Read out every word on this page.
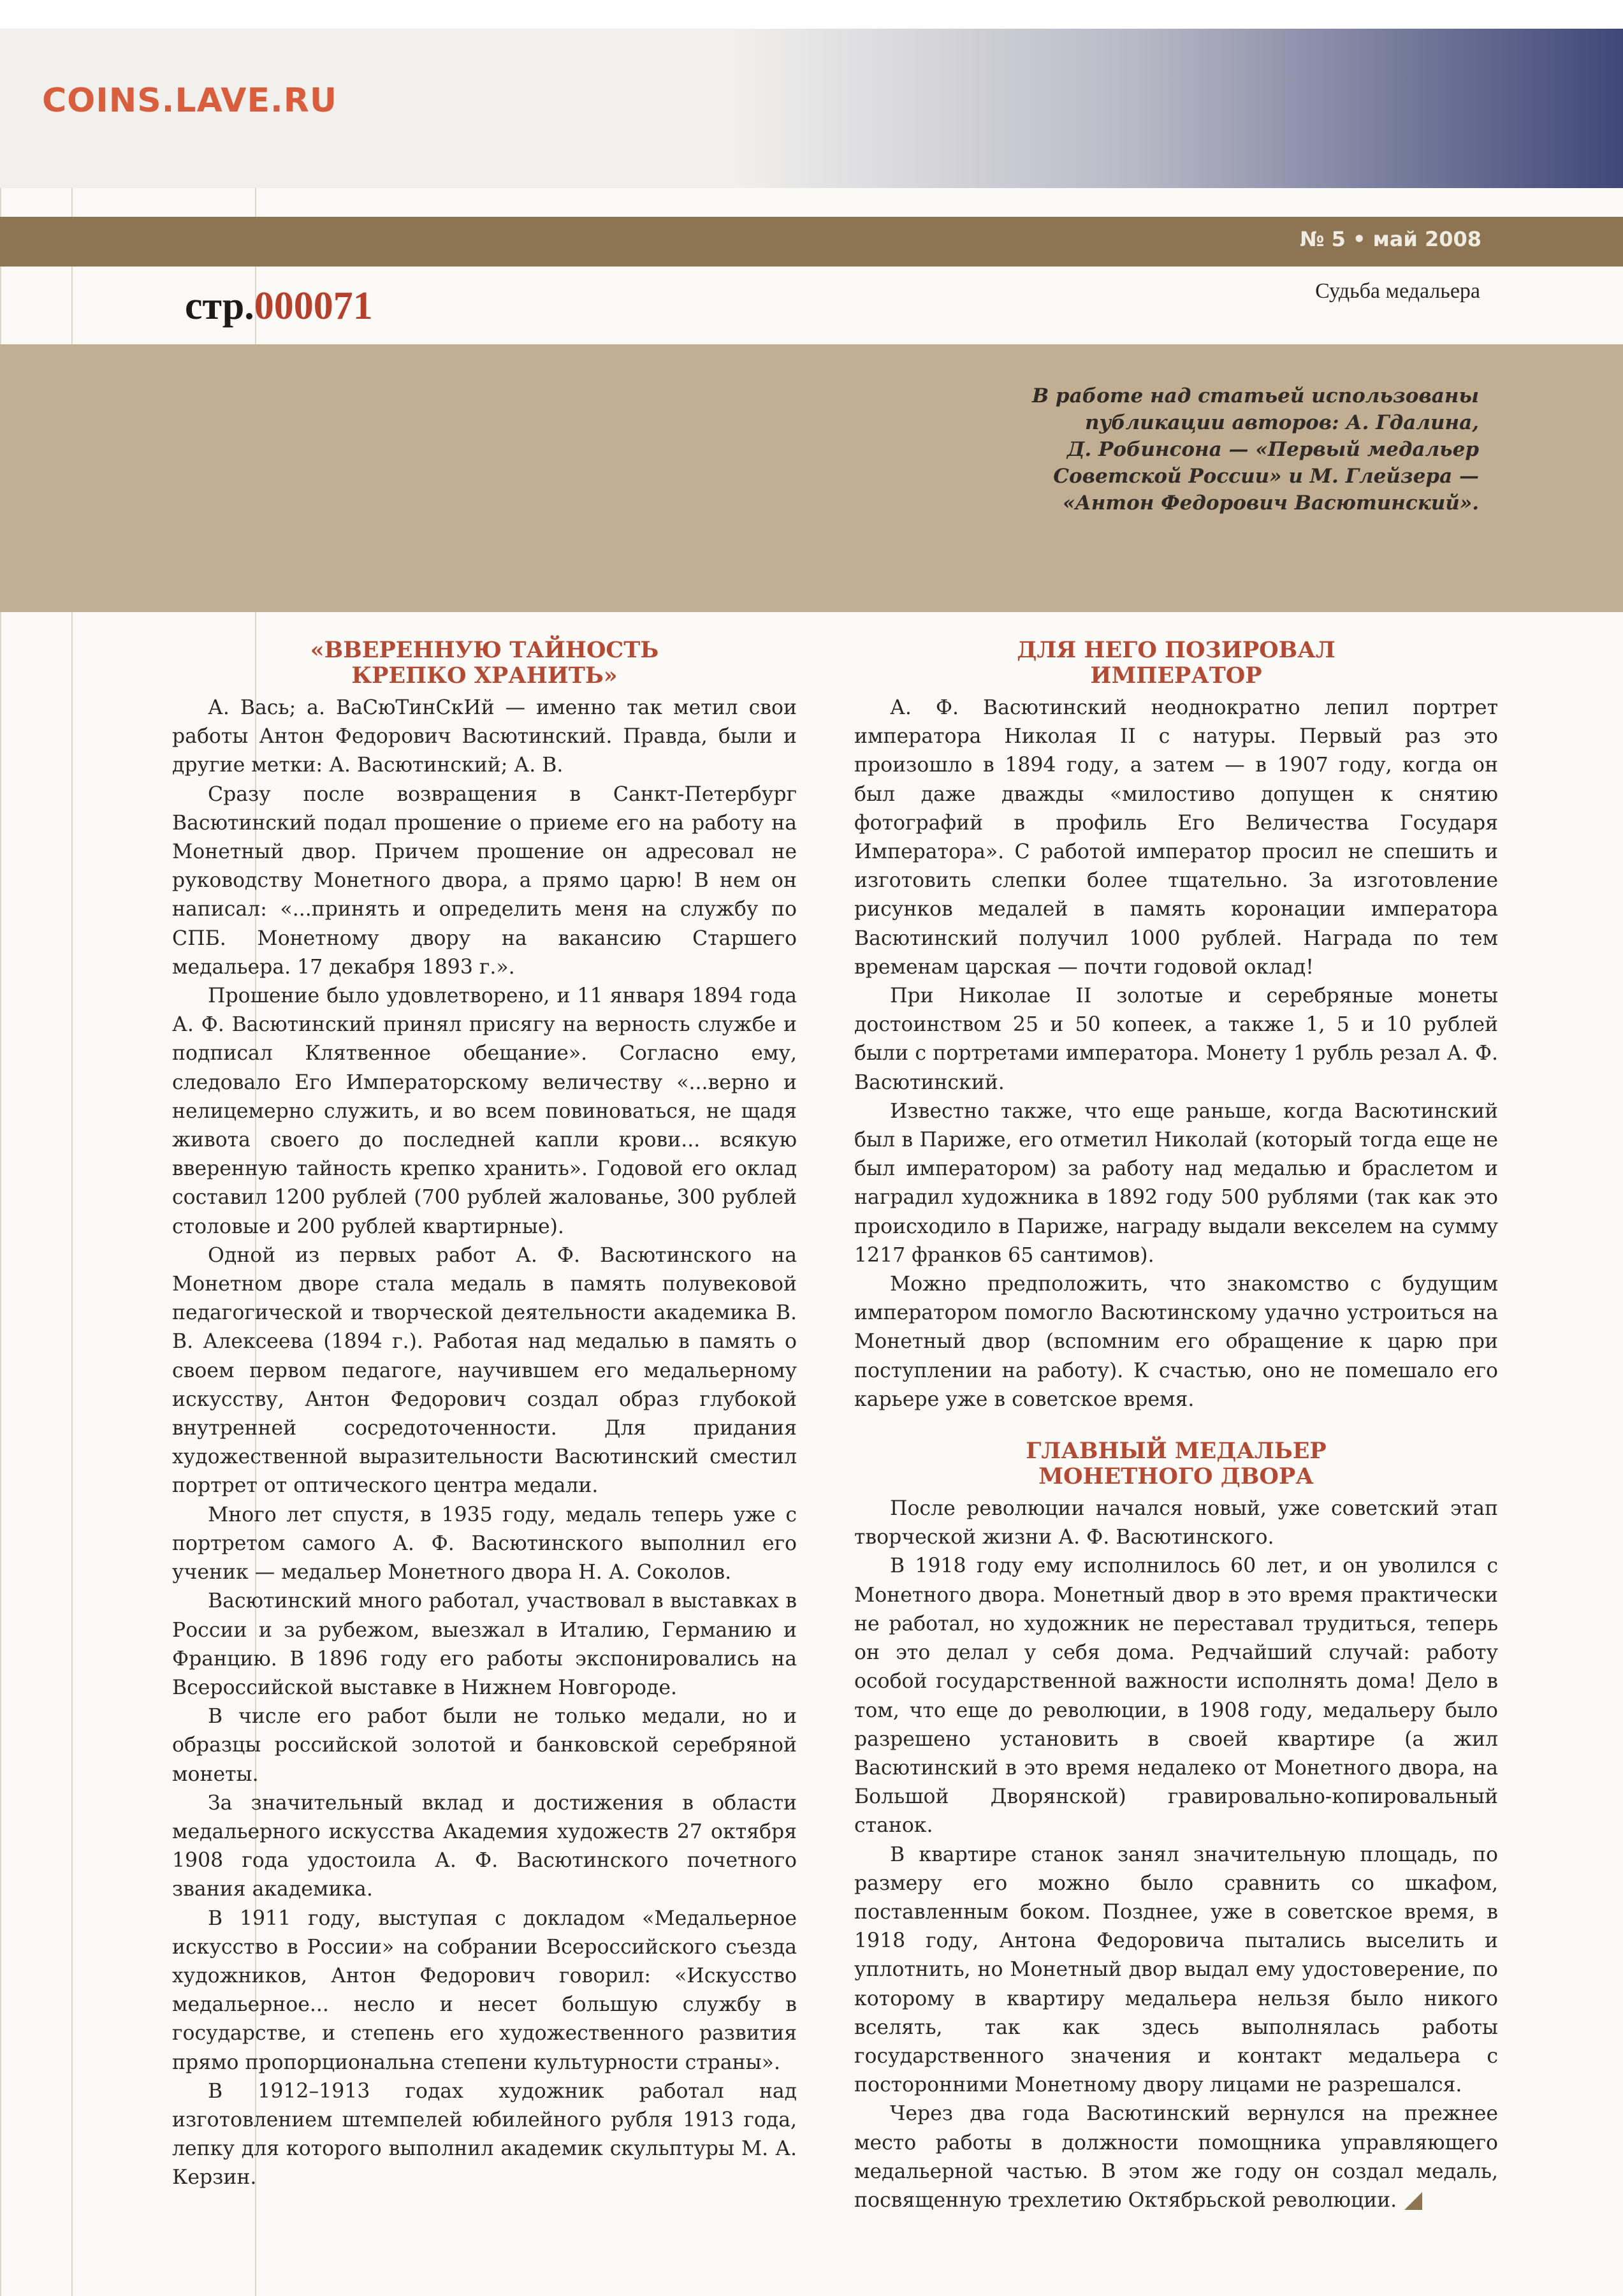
COINS.LAVE.RU
№ 5 • май 2008
стр.000071	Судьба медальера
В работе над статьей использованы
публикации авторов: А. Гдалина,
Д. Робинсона — «Первый медальер
Советской России» и М. Глейзера —
«Антон Федорович Васютинский».
«ВВЕРЕННУЮ ТАЙНОСТЬ
КРЕПКО ХРАНИТЬ»

А. Вась; а. ВаСюТинСкИй — именно так метил свои работы Антон Федорович Васютинский. Правда, были и другие метки: А. Васютинский; А. В.

Сразу после возвращения в Санкт-Петербург Васютинский подал прошение о приеме его на работу на Монетный двор. Причем прошение он адресовал не руководству Монетного двора, а прямо царю! В нем он написал: «...принять и определить меня на службу по СПБ. Монетному двору на вакансию Старшего медальера. 17 декабря 1893 г.».

Прошение было удовлетворено, и 11 января 1894 года А. Ф. Васютинский принял присягу на верность службе и подписал Клятвенное обещание». Согласно ему, следовало Его Императорскому величеству «...верно и нелицемерно служить, и во всем повиноваться, не щадя живота своего до последней капли крови... всякую вверенную тайность крепко хранить». Годовой его оклад составил 1200 рублей (700 рублей жалованье, 300 рублей столовые и 200 рублей квартирные).

Одной из первых работ А. Ф. Васютинского на Монетном дворе стала медаль в память полувековой педагогической и творческой деятельности академика В. В. Алексеева (1894 г.). Работая над медалью в память о своем первом педагоге, научившем его медальерному искусству, Антон Федорович создал образ глубокой внутренней сосредоточенности. Для придания художественной выразительности Васютинский сместил портрет от оптического центра медали.

Много лет спустя, в 1935 году, медаль теперь уже с портретом самого А. Ф. Васютинского выполнил его ученик — медальер Монетного двора Н. А. Соколов.

Васютинский много работал, участвовал в выставках в России и за рубежом, выезжал в Италию, Германию и Францию. В 1896 году его работы экспонировались на Всероссийской выставке в Нижнем Новгороде.

В числе его работ были не только медали, но и образцы российской золотой и банковской серебряной монеты.

За значительный вклад и достижения в области медальерного искусства Академия художеств 27 октября 1908 года удостоила А. Ф. Васютинского почетного звания академика.

В 1911 году, выступая с докладом «Медальерное искусство в России» на собрании Всероссийского съезда художников, Антон Федорович говорил: «Искусство медальерное... несло и несет большую службу в государстве, и степень его художественного развития прямо пропорциональна степени культурности страны».

В 1912–1913 годах художник работал над изготовлением штемпелей юбилейного рубля 1913 года, лепку для которого выполнил академик скульптуры М. А. Керзин.

ДЛЯ НЕГО ПОЗИРОВАЛ
ИМПЕРАТОР

А. Ф. Васютинский неоднократно лепил портрет императора Николая II с натуры. Первый раз это произошло в 1894 году, а затем — в 1907 году, когда он был даже дважды «милостиво допущен к снятию фотографий в профиль Его Величества Государя Императора». С работой император просил не спешить и изготовить слепки более тщательно. За изготовление рисунков медалей в память коронации императора Васютинский получил 1000 рублей. Награда по тем временам царская — почти годовой оклад!

При Николае II золотые и серебряные монеты достоинством 25 и 50 копеек, а также 1, 5 и 10 рублей были с портретами императора. Монету 1 рубль резал А. Ф. Васютинский.

Известно также, что еще раньше, когда Васютинский был в Париже, его отметил Николай (который тогда еще не был императором) за работу над медалью и браслетом и наградил художника в 1892 году 500 рублями (так как это происходило в Париже, награду выдали векселем на сумму 1217 франков 65 сантимов).

Можно предположить, что знакомство с будущим императором помогло Васютинскому удачно устроиться на Монетный двор (вспомним его обращение к царю при поступлении на работу). К счастью, оно не помешало его карьере уже в советское время.

ГЛАВНЫЙ МЕДАЛЬЕР
МОНЕТНОГО ДВОРА

После революции начался новый, уже советский этап творческой жизни А. Ф. Васютинского.

В 1918 году ему исполнилось 60 лет, и он уволился с Монетного двора. Монетный двор в это время практически не работал, но художник не переставал трудиться, теперь он это делал у себя дома. Редчайший случай: работу особой государственной важности исполнять дома! Дело в том, что еще до революции, в 1908 году, медальеру было разрешено установить в своей квартире (а жил Васютинский в это время недалеко от Монетного двора, на Большой Дворянской) гравировально-копировальный станок.

В квартире станок занял значительную площадь, по размеру его можно было сравнить со шкафом, поставленным боком. Позднее, уже в советское время, в 1918 году, Антона Федоровича пытались выселить и уплотнить, но Монетный двор выдал ему удостоверение, по которому в квартиру медальера нельзя было никого вселять, так как здесь выполнялась работы государственного значения и контакт медальера с посторонними Монетному двору лицами не разрешался.

Через два года Васютинский вернулся на прежнее место работы в должности помощника управляющего медальерной частью. В этом же году он создал медаль, посвященную трехлетию Октябрьской революции.
